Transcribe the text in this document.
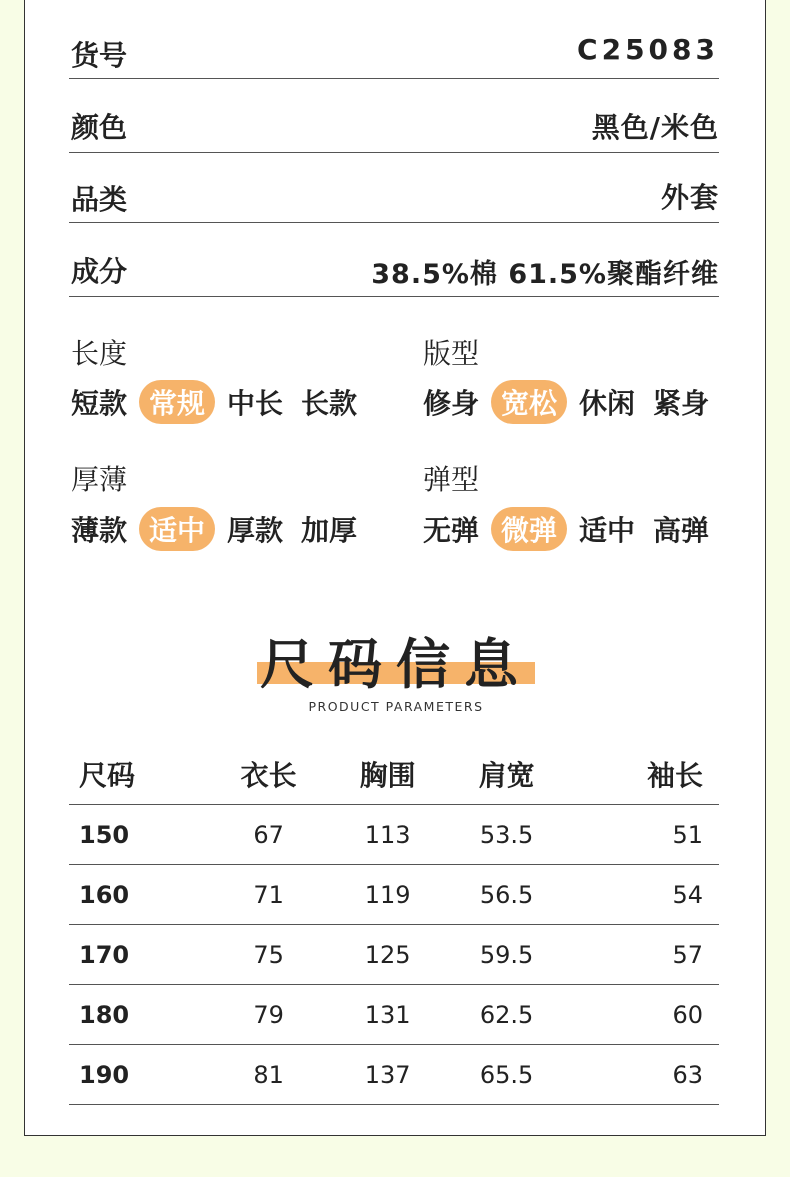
货号	C25083
颜色	黑色/米色
品类	外套
成分	38.5%棉 61.5%聚酯纤维
长度
短款 常规 中长 长款
版型
修身 宽松 休闲 紧身
厚薄
薄款 适中 厚款 加厚
弹型
无弹 微弹 适中 高弹
尺码信息
PRODUCT PARAMETERS
尺码	衣长	胸围	肩宽	袖长
150	67	113	53.5	51
160	71	119	56.5	54
170	75	125	59.5	57
180	79	131	62.5	60
190	81	137	65.5	63
